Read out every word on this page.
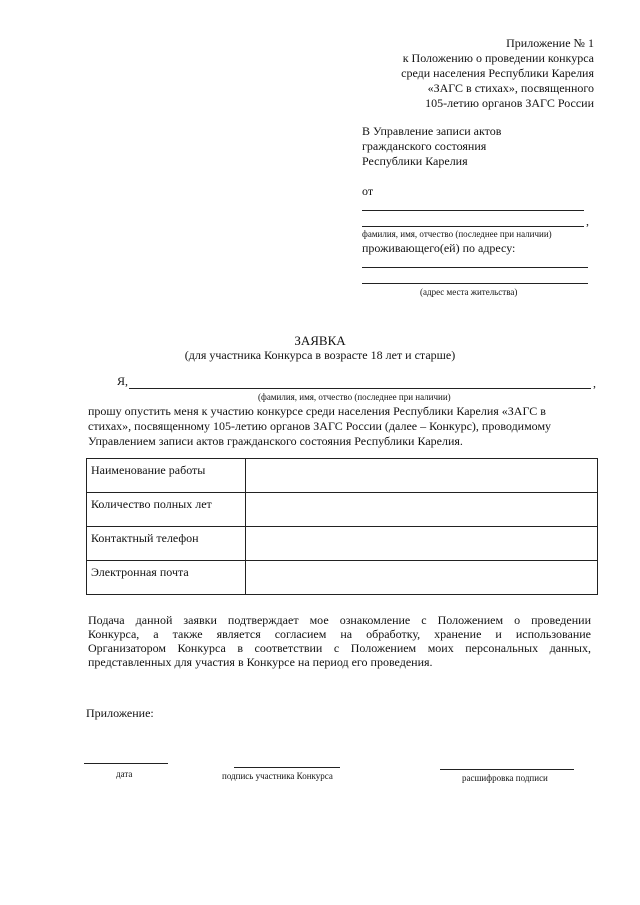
Приложение № 1
к Положению о проведении конкурса
среди населения Республики Карелия
«ЗАГС в стихах», посвященного
105-летию органов ЗАГС России
В Управление записи актов
гражданского состояния
Республики Карелия
от
,
фамилия, имя, отчество (последнее при наличии)
проживающего(ей) по адресу:
(адрес места жительства)
ЗАЯВКА
(для участника Конкурса в возрасте 18 лет и старше)
Я,	,
(фамилия, имя, отчество (последнее при наличии)
прошу опустить меня к участию конкурсе среди населения Республики Карелия «ЗАГС в
стихах», посвященному 105-летию органов ЗАГС России (далее – Конкурс), проводимому
Управлением записи актов гражданского состояния Республики Карелия.
Наименование работы	
Количество полных лет	
Контактный телефон	
Электронная почта	
Подача данной заявки подтверждает мое ознакомление с Положением о проведении
Конкурса, а также является согласием на обработку, хранение и использование
Организатором Конкурса в соответствии с Положением моих персональных данных,
представленных для участия в Конкурсе на период его проведения.
Приложение:
дата	подпись участника Конкурса	расшифровка подписи
